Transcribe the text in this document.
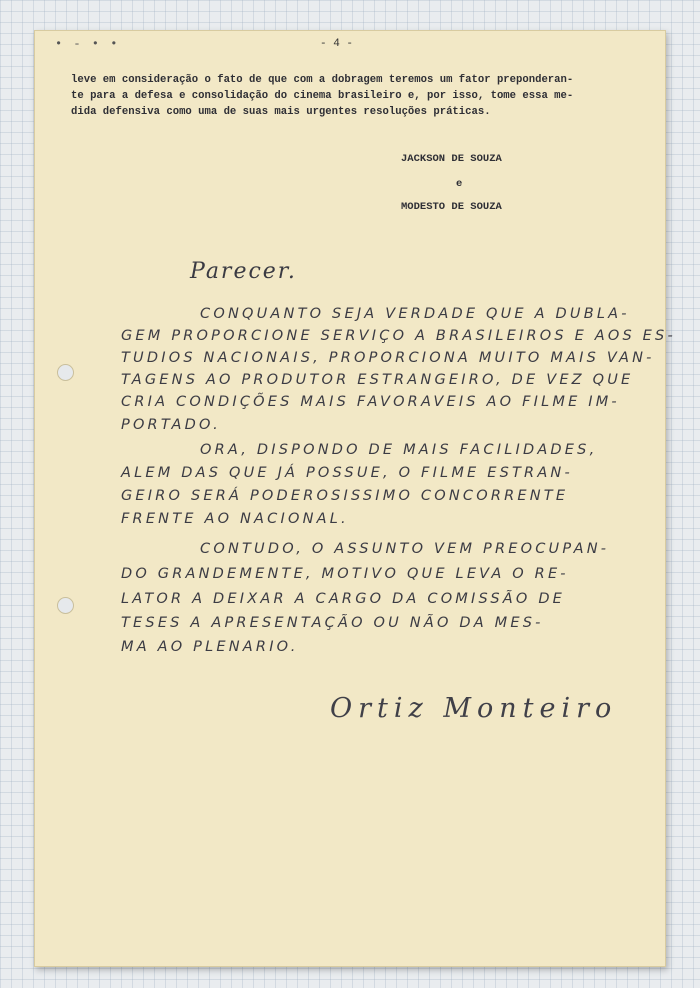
• - • •	- 4 -
leve em consideração o fato de que com a dobragem teremos um fator preponderan-
te para a defesa e consolidação do cinema brasileiro e, por isso, tome essa me-
dida defensiva como uma de suas mais urgentes resoluções práticas.
JACKSON DE SOUZA
e
MODESTO DE SOUZA
Parecer.
CONQUANTO SEJA VERDADE QUE A DUBLA-
GEM PROPORCIONE SERVIÇO A BRASILEIROS E AOS ES-
TUDIOS NACIONAIS, PROPORCIONA MUITO MAIS VAN-
TAGENS AO PRODUTOR ESTRANGEIRO, DE VEZ QUE
CRIA CONDIÇÕES MAIS FAVORAVEIS AO FILME IM-
PORTADO.
ORA, DISPONDO DE MAIS FACILIDADES,
ALEM DAS QUE JÁ POSSUE, O FILME ESTRAN-
GEIRO SERÁ PODEROSISSIMO CONCORRENTE
FRENTE AO NACIONAL.
CONTUDO, O ASSUNTO VEM PREOCUPAN-
DO GRANDEMENTE, MOTIVO QUE LEVA O RE-
LATOR A DEIXAR A CARGO DA COMISSÃO DE
TESES A APRESENTAÇÃO OU NÃO DA MES-
MA AO PLENARIO.
Ortiz Monteiro
